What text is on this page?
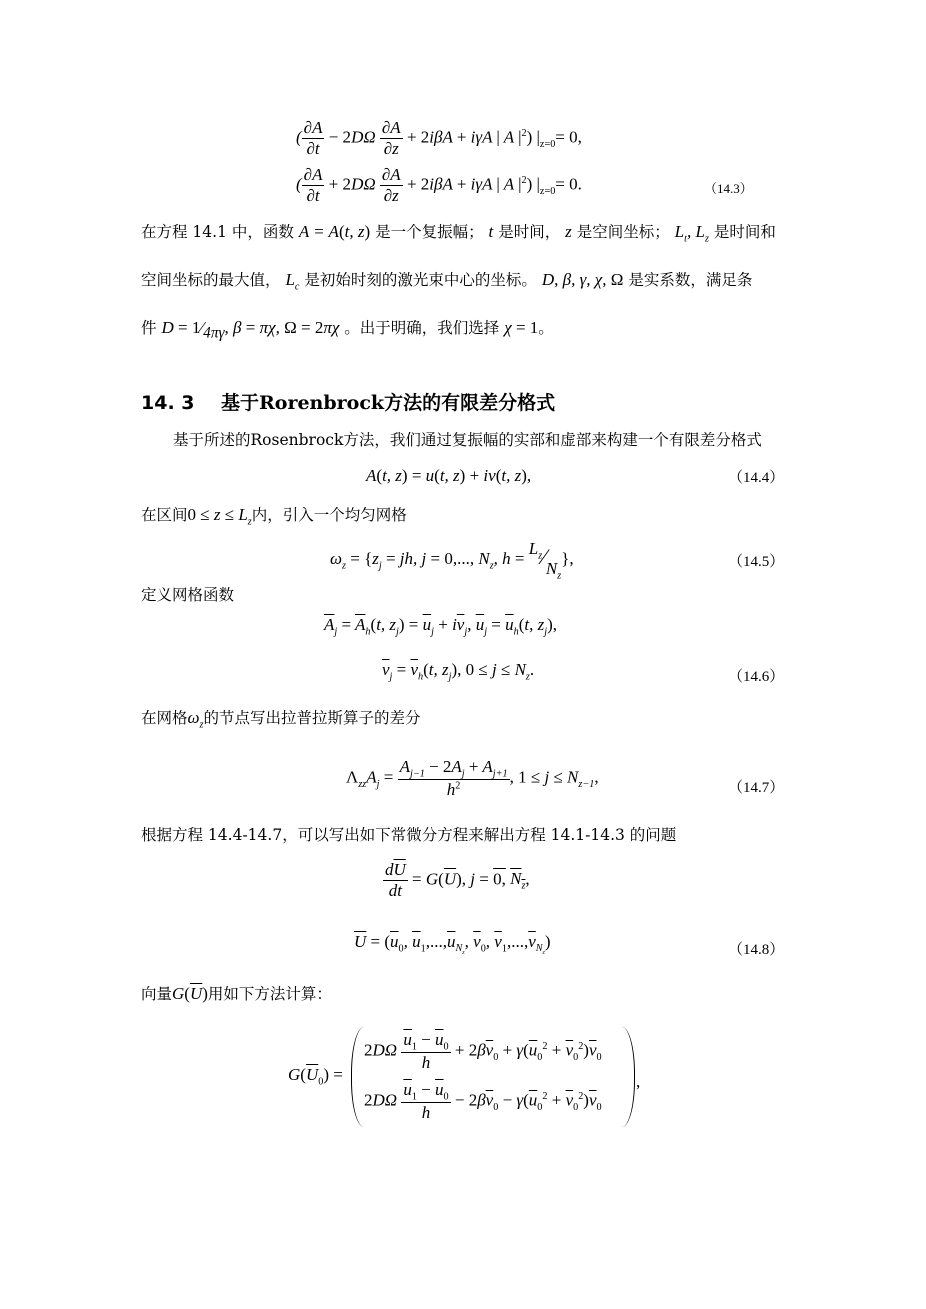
( $\frac{\partial A}{\partial t} - 2D\Omega \frac{\partial A}{\partial z} + 2i\beta A + i\gamma A$ | A $|^2$) $|_{z=0}= 0$,
( $\frac{\partial A}{\partial t} + 2D\Omega \frac{\partial A}{\partial z} + 2i\beta A + i\gamma A$ | A $|^2$) $|_{z=0}= 0$.	（14.3）
在方程 14.1 中，函数 A = A(t, z) 是一个复振幅； t 是时间， z 是空间坐标； $L_t$, $L_z$ 是时间和
空间坐标的最大值， $L_c$ 是初始时刻的激光束中心的坐标。 D, β, γ, χ, Ω 是实系数，满足条
件 $D = 1⁄_{4\pi\gamma}$, β = πχ, Ω = 2πχ 。出于明确，我们选择 χ = 1。
14. 3 基于Rorenbrock方法的有限差分格式
基于所述的Rosenbrock方法，我们通过复振幅的实部和虚部来构建一个有限差分格式
A(t, z) = u(t, z) + iv(t, z),	（14.4）
在区间$0 \le z \le L_z$内，引入一个均匀网格
$\omega_z = \{z_j$ = jh, j = 0,..., $N_z$, $h = L_z⁄N_z$},	（14.5）
定义网格函数
$\overline{A}_j = \overline{A}_h(t$, $z_j) = \overline{u}_j + i\overline{v}_j$, $\overline{u}_j = \overline{u}_h(t$, $z_j$),
$\overline{v}_j = \overline{v}_h(t$, $z_j$), $0 \le j \le N_z$.	（14.6）
在网格$\omega_z$的节点写出拉普拉斯算子的差分
$\Lambda_{zz}A_j = \frac{A_{j-1} - 2A_j + A_{j+1}}{h^2}$ , $1 \le j \le N_{z-1}$,
（14.7）
根据方程 14.4-14.7，可以写出如下常微分方程来解出方程 14.1-14.3 的问题
$\frac{d\overline{U}}{dt} = G(\overline{U})$, j = 0, $N_z$,
$\overline{U} = (\overline{u}_0$, $\overline{u}_1,...,\overline{u}_{N_z}$, $\overline{v}_0$, $\overline{v}_1,...,\overline{v}_{N_z}$)	（14.8）
向量$G(\overline{U})$用如下方法计算：
$G(\overline{U}_0)$ =
$2D\Omega \frac{\overline{u}_1 - \overline{u}_0}{h} + 2\beta\overline{v}_0 + \gamma(\overline{u}_0^2 + \overline{v}_0^2)\overline{v}_0$
$2D\Omega \frac{\overline{u}_1 - \overline{u}_0}{h} - 2\beta\overline{v}_0 - \gamma(\overline{u}_0^2 + \overline{v}_0^2)\overline{v}_0$
,
